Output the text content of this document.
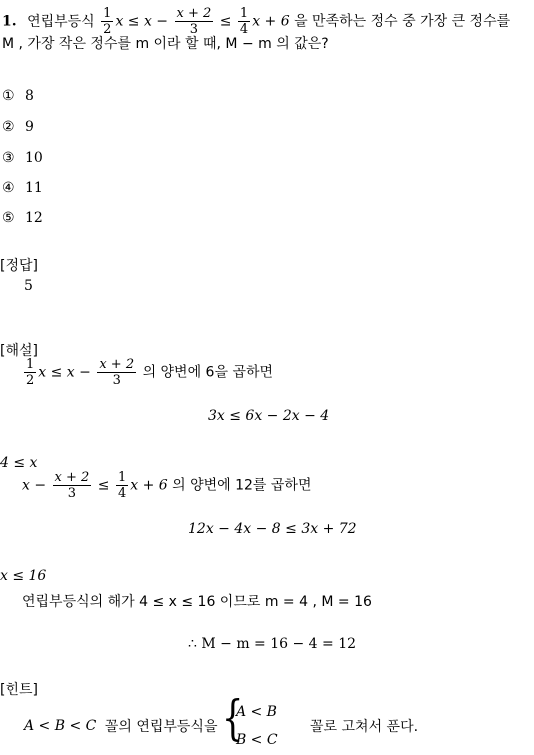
1. 연립부등식 $\frac{1}{2}$ $x \le x - \frac{x + 2}{3} \le \frac{1}{4}$ x + 6 을 만족하는 정수 중 가장 큰 정수를
M , 가장 작은 정수를 m 이라 할 때, M − m 의 값은?
① 8
② 9
③ 10
④ 11
⑤ 12
[정답]
5
[해설]
$\frac{1}{2}$ $x \le x - \frac{x + 2}{3}$ 의 양변에 6을 곱하면
3x ≤ 6x − 2x − 4
4 ≤ x
$x - \frac{x + 2}{3} \le \frac{1}{4}$ x + 6 의 양변에 12를 곱하면
12x − 4x − 8 ≤ 3x + 72
x ≤ 16
연립부등식의 해가 4 ≤ x ≤ 16 이므로 m = 4 , M = 16
∴ M − m = 16 − 4 = 12
[힌트]
A < B < C 꼴의 연립부등식을 {
A < B
B < C
꼴로 고쳐서 푼다.
